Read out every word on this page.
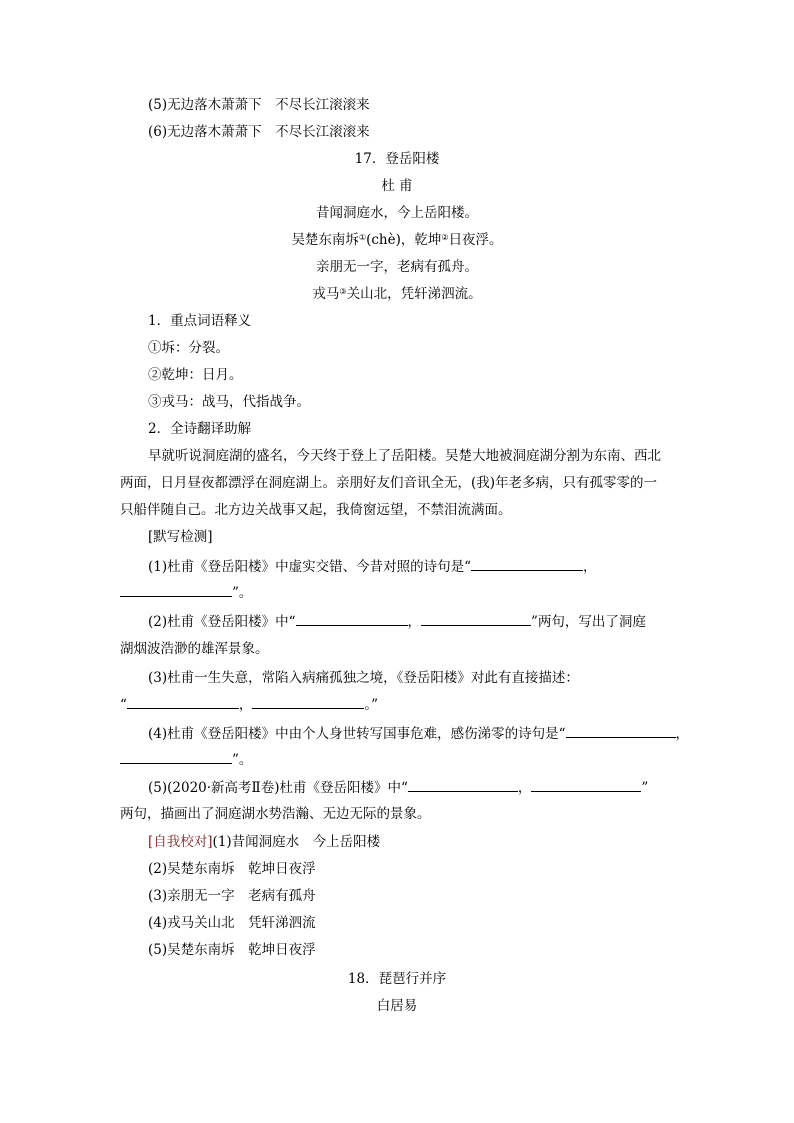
(5)无边落木萧萧下　不尽长江滚滚来
(6)无边落木萧萧下　不尽长江滚滚来
17．登岳阳楼
杜 甫
昔闻洞庭水，今上岳阳楼。
吴楚东南坼①(chè)，乾坤②日夜浮。
亲朋无一字，老病有孤舟。
戎马③关山北，凭轩涕泗流。
1．重点词语释义
①坼：分裂。
②乾坤：日月。
③戎马：战马，代指战争。
2．全诗翻译助解
早就听说洞庭湖的盛名，今天终于登上了岳阳楼。吴楚大地被洞庭湖分割为东南、西北
两面，日月昼夜都漂浮在洞庭湖上。亲朋好友们音讯全无，(我)年老多病，只有孤零零的一
只船伴随自己。北方边关战事又起，我倚窗远望，不禁泪流满面。
[默写检测]
(1)杜甫《登岳阳楼》中虚实交错、今昔对照的诗句是“	，
”。
(2)杜甫《登岳阳楼》中“	，	”两句，写出了洞庭
湖烟波浩渺的雄浑景象。
(3)杜甫一生失意，常陷入病痛孤独之境，《登岳阳楼》对此有直接描述：
“	，	。”
(4)杜甫《登岳阳楼》中由个人身世转写国事危难，感伤涕零的诗句是“	，
”。
(5)(2020·新高考Ⅱ卷)杜甫《登岳阳楼》中“	，	”
两句，描画出了洞庭湖水势浩瀚、无边无际的景象。
[自我校对](1)昔闻洞庭水　今上岳阳楼
(2)吴楚东南坼　乾坤日夜浮
(3)亲朋无一字　老病有孤舟
(4)戎马关山北　凭轩涕泗流
(5)吴楚东南坼　乾坤日夜浮
18．琵琶行并序
白居易
